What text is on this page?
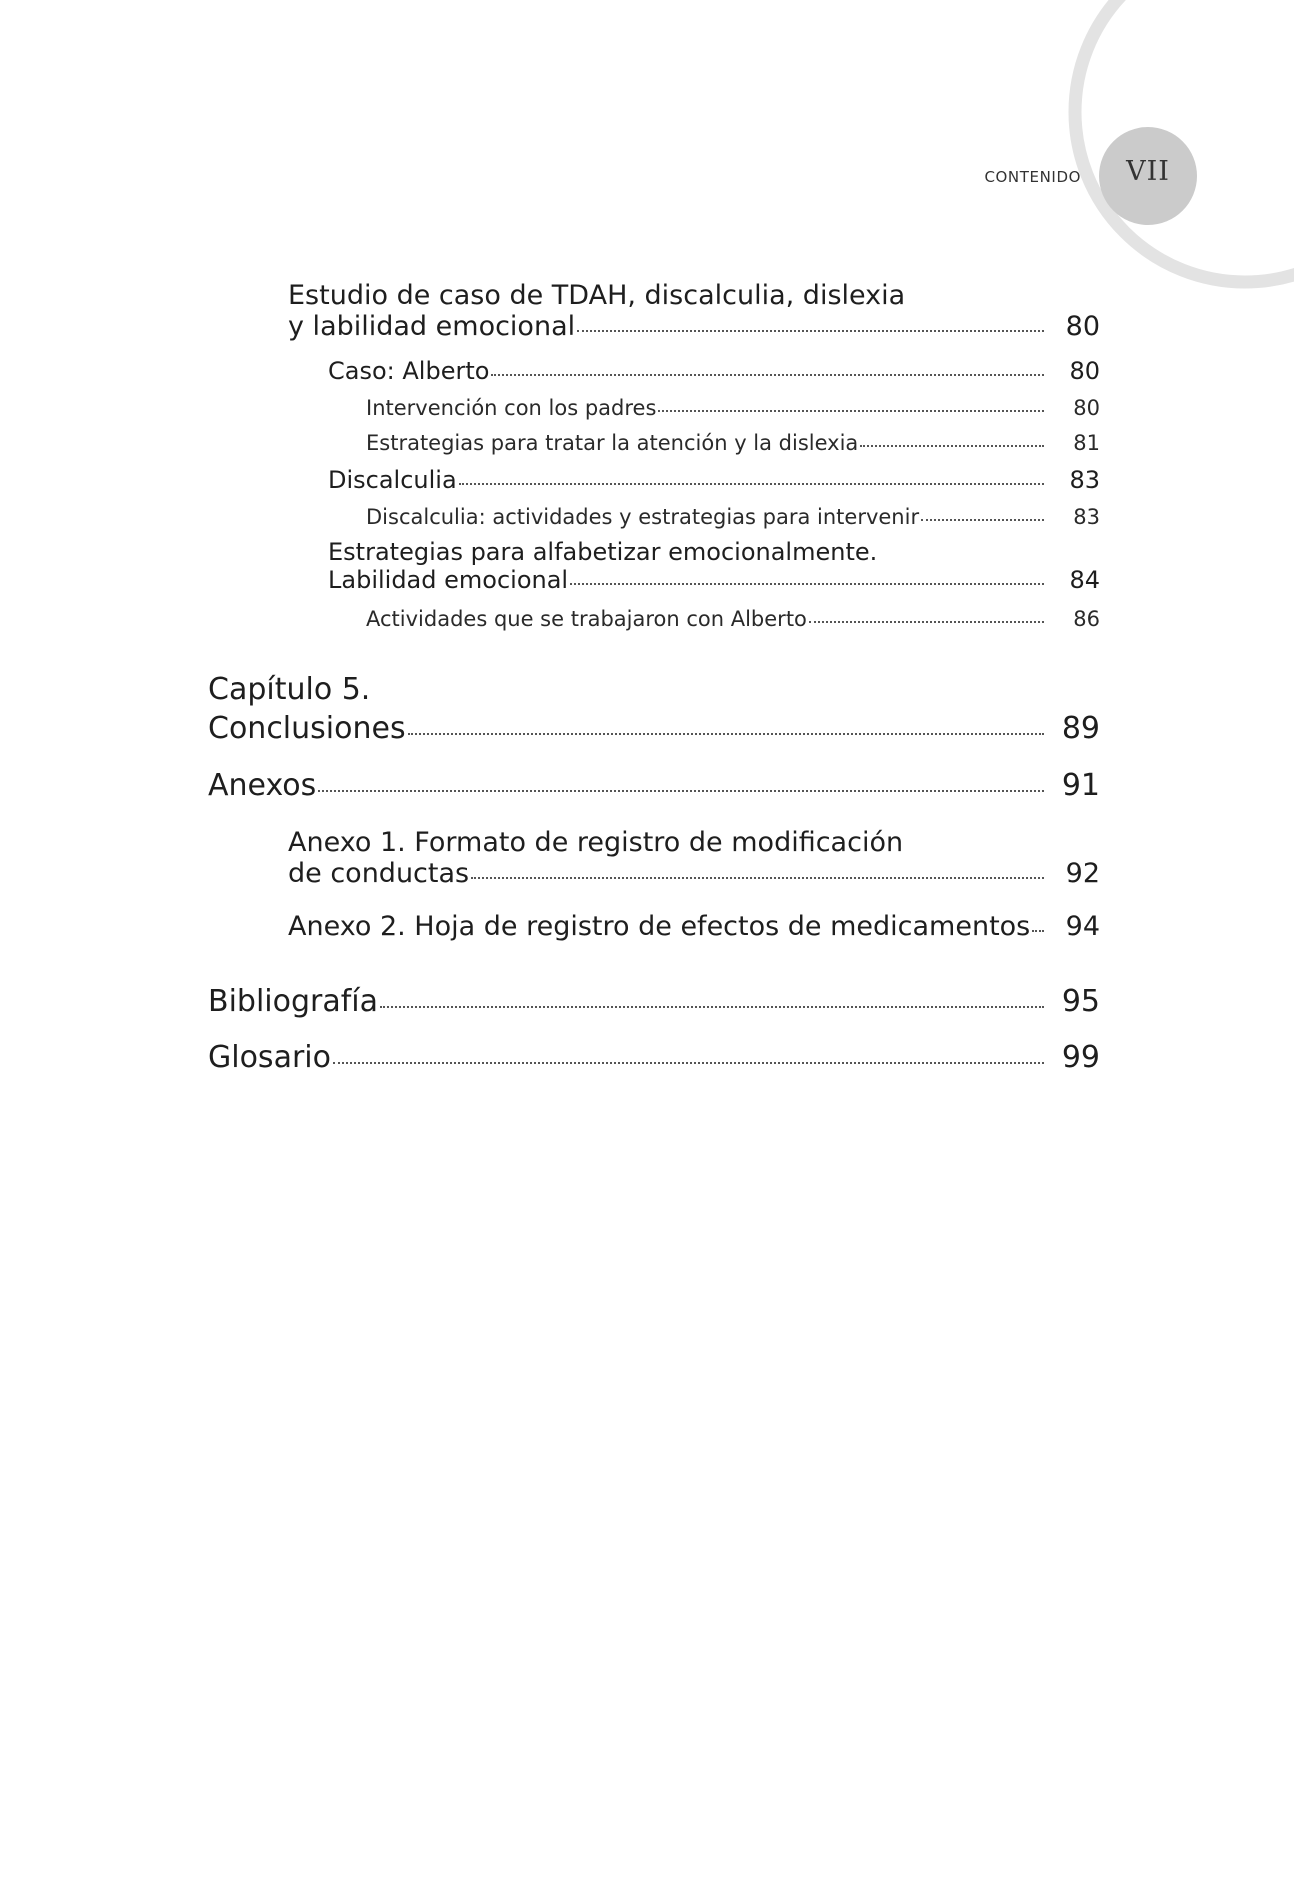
CONTENIDO	VII
Estudio de caso de TDAH, discalculia, dislexia
y labilidad emocional	80
Caso: Alberto	80
Intervención con los padres	80
Estrategias para tratar la atención y la dislexia	81
Discalculia	83
Discalculia: actividades y estrategias para intervenir	83
Estrategias para alfabetizar emocionalmente.
Labilidad emocional	84
Actividades que se trabajaron con Alberto	86
Capítulo 5.
Conclusiones	89
Anexos	91
Anexo 1. Formato de registro de modificación
de conductas	92
Anexo 2. Hoja de registro de efectos de medicamentos	94
Bibliografía	95
Glosario	99
